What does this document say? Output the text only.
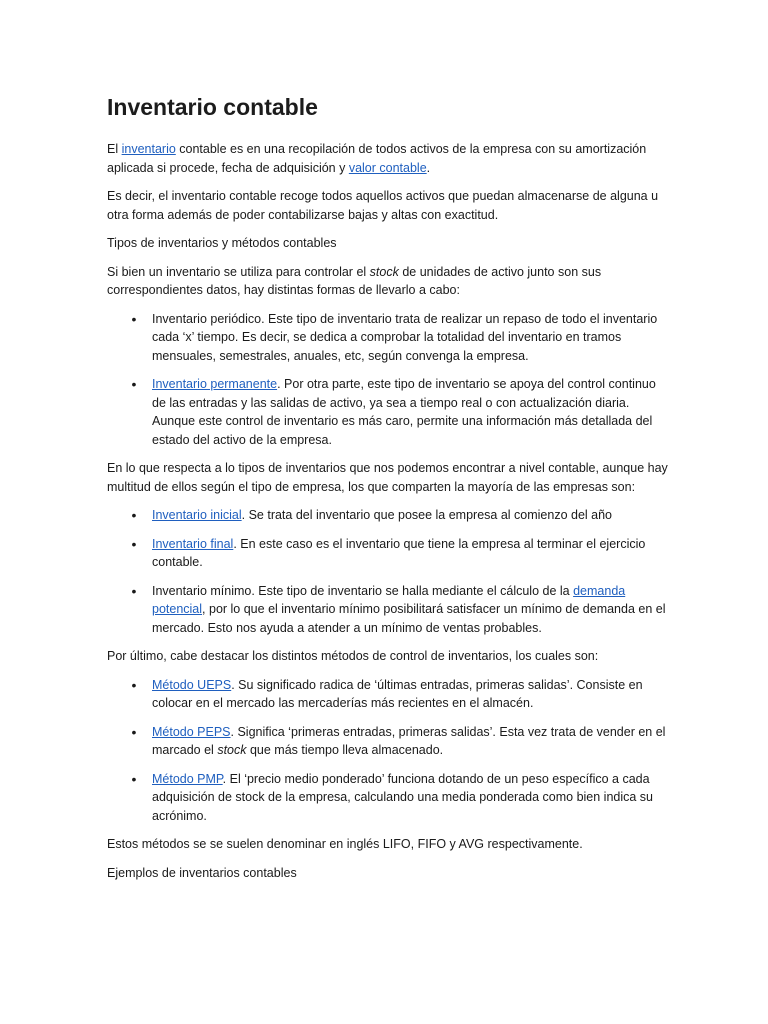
Inventario contable

El inventario contable es en una recopilación de todos activos de la empresa con su amortización aplicada si procede, fecha de adquisición y valor contable.

Es decir, el inventario contable recoge todos aquellos activos que puedan almacenarse de alguna u otra forma además de poder contabilizarse bajas y altas con exactitud.

Tipos de inventarios y métodos contables

Si bien un inventario se utiliza para controlar el stock de unidades de activo junto son sus correspondientes datos, hay distintas formas de llevarlo a cabo:

• Inventario periódico. Este tipo de inventario trata de realizar un repaso de todo el inventario cada ‘x’ tiempo. Es decir, se dedica a comprobar la totalidad del inventario en tramos mensuales, semestrales, anuales, etc, según convenga la empresa.
• Inventario permanente. Por otra parte, este tipo de inventario se apoya del control continuo de las entradas y las salidas de activo, ya sea a tiempo real o con actualización diaria. Aunque este control de inventario es más caro, permite una información más detallada del estado del activo de la empresa.

En lo que respecta a lo tipos de inventarios que nos podemos encontrar a nivel contable, aunque hay multitud de ellos según el tipo de empresa, los que comparten la mayoría de las empresas son:

• Inventario inicial. Se trata del inventario que posee la empresa al comienzo del año
• Inventario final. En este caso es el inventario que tiene la empresa al terminar el ejercicio contable.
• Inventario mínimo. Este tipo de inventario se halla mediante el cálculo de la demanda potencial, por lo que el inventario mínimo posibilitará satisfacer un mínimo de demanda en el mercado. Esto nos ayuda a atender a un mínimo de ventas probables.

Por último, cabe destacar los distintos métodos de control de inventarios, los cuales son:

• Método UEPS. Su significado radica de ‘últimas entradas, primeras salidas’. Consiste en colocar en el mercado las mercaderías más recientes en el almacén.
• Método PEPS. Significa ‘primeras entradas, primeras salidas’. Esta vez trata de vender en el marcado el stock que más tiempo lleva almacenado.
• Método PMP. El ‘precio medio ponderado’ funciona dotando de un peso específico a cada adquisición de stock de la empresa, calculando una media ponderada como bien indica su acrónimo.

Estos métodos se se suelen denominar en inglés LIFO, FIFO y AVG respectivamente.

Ejemplos de inventarios contables
